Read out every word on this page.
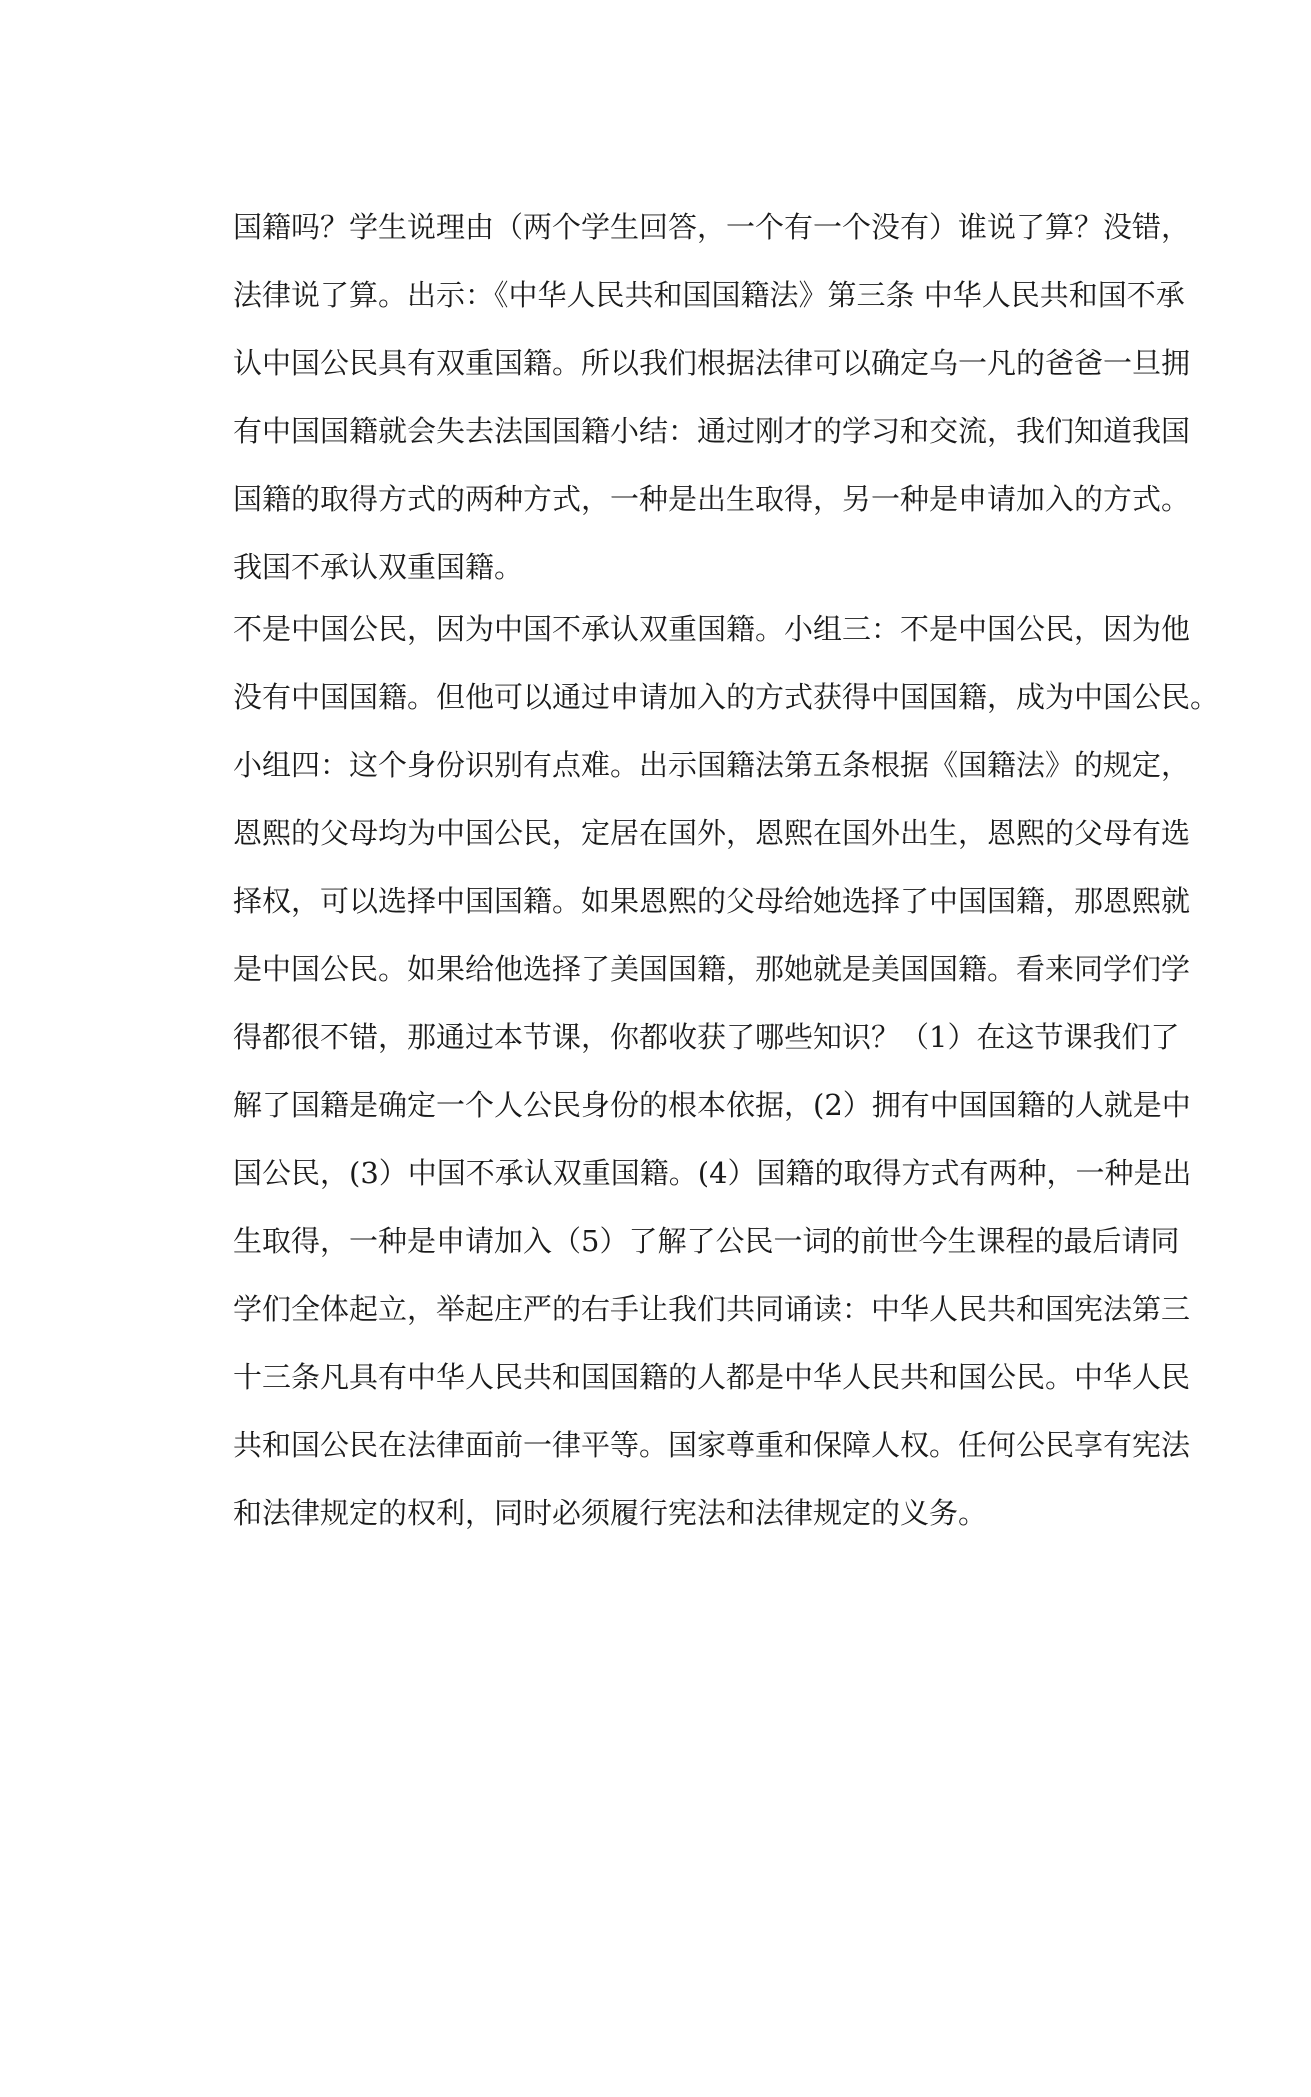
国籍吗？学生说理由（两个学生回答，一个有一个没有）谁说了算？没错，
法律说了算。出示：《中华人民共和国国籍法》第三条 中华人民共和国不承
认中国公民具有双重国籍。所以我们根据法律可以确定乌一凡的爸爸一旦拥
有中国国籍就会失去法国国籍小结：通过刚才的学习和交流，我们知道我国
国籍的取得方式的两种方式，一种是出生取得，另一种是申请加入的方式。
我国不承认双重国籍。
不是中国公民，因为中国不承认双重国籍。小组三：不是中国公民，因为他
没有中国国籍。但他可以通过申请加入的方式获得中国国籍，成为中国公民。
小组四：这个身份识别有点难。出示国籍法第五条根据《国籍法》的规定，
恩熙的父母均为中国公民，定居在国外，恩熙在国外出生，恩熙的父母有选
择权，可以选择中国国籍。如果恩熙的父母给她选择了中国国籍，那恩熙就
是中国公民。如果给他选择了美国国籍，那她就是美国国籍。看来同学们学
得都很不错，那通过本节课，你都收获了哪些知识？（1）在这节课我们了
解了国籍是确定一个人公民身份的根本依据，(2）拥有中国国籍的人就是中
国公民，(3）中国不承认双重国籍。(4）国籍的取得方式有两种，一种是出
生取得，一种是申请加入（5）了解了公民一词的前世今生课程的最后请同
学们全体起立，举起庄严的右手让我们共同诵读：中华人民共和国宪法第三
十三条凡具有中华人民共和国国籍的人都是中华人民共和国公民。中华人民
共和国公民在法律面前一律平等。国家尊重和保障人权。任何公民享有宪法
和法律规定的权利，同时必须履行宪法和法律规定的义务。
